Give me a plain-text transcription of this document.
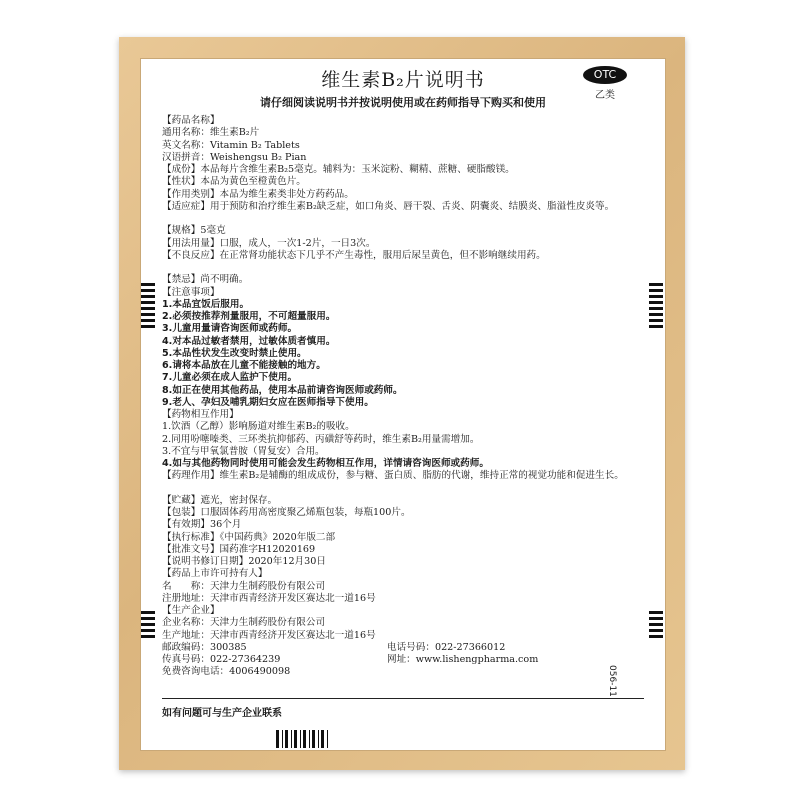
维生素B₂片说明书	OTC
乙类
请仔细阅读说明书并按说明使用或在药师指导下购买和使用
【药品名称】
通用名称：维生素B₂片
英文名称：Vitamin B₂ Tablets
汉语拼音：Weishengsu B₂ Pian
【成份】本品每片含维生素B₂5毫克。辅料为：玉米淀粉、糊精、蔗糖、硬脂酸镁。
【性状】本品为黄色至橙黄色片。
【作用类别】本品为维生素类非处方药药品。
【适应症】用于预防和治疗维生素B₂缺乏症，如口角炎、唇干裂、舌炎、阴囊炎、结膜炎、脂溢性皮炎等。
【规格】5毫克
【用法用量】口服，成人，一次1-2片，一日3次。
【不良反应】在正常肾功能状态下几乎不产生毒性，服用后尿呈黄色，但不影响继续用药。
【禁忌】尚不明确。
【注意事项】
1.本品宜饭后服用。
2.必须按推荐剂量服用，不可超量服用。
3.儿童用量请咨询医师或药师。
4.对本品过敏者禁用，过敏体质者慎用。
5.本品性状发生改变时禁止使用。
6.请将本品放在儿童不能接触的地方。
7.儿童必须在成人监护下使用。
8.如正在使用其他药品，使用本品前请咨询医师或药师。
9.老人、孕妇及哺乳期妇女应在医师指导下使用。
【药物相互作用】
1.饮酒（乙醇）影响肠道对维生素B₂的吸收。
2.同用吩噻嗪类、三环类抗抑郁药、丙磺舒等药时，维生素B₂用量需增加。
3.不宜与甲氧氯普胺（胃复安）合用。
4.如与其他药物同时使用可能会发生药物相互作用，详情请咨询医师或药师。
【药理作用】维生素B₂是辅酶的组成成份，参与糖、蛋白质、脂肪的代谢，维持正常的视觉功能和促进生长。
【贮藏】遮光，密封保存。
【包装】口服固体药用高密度聚乙烯瓶包装，每瓶100片。
【有效期】36个月
【执行标准】《中国药典》2020年版二部
【批准文号】国药准字H12020169
【说明书修订日期】2020年12月30日
【药品上市许可持有人】
名　　称：天津力生制药股份有限公司
注册地址：天津市西青经济开发区赛达北一道16号
【生产企业】
企业名称：天津力生制药股份有限公司
生产地址：天津市西青经济开发区赛达北一道16号
邮政编码：300385	电话号码：022-27366012
传真号码：022-27364239	网址：www.lishengpharma.com
免费咨询电话：4006490098	056-11
如有问题可与生产企业联系
